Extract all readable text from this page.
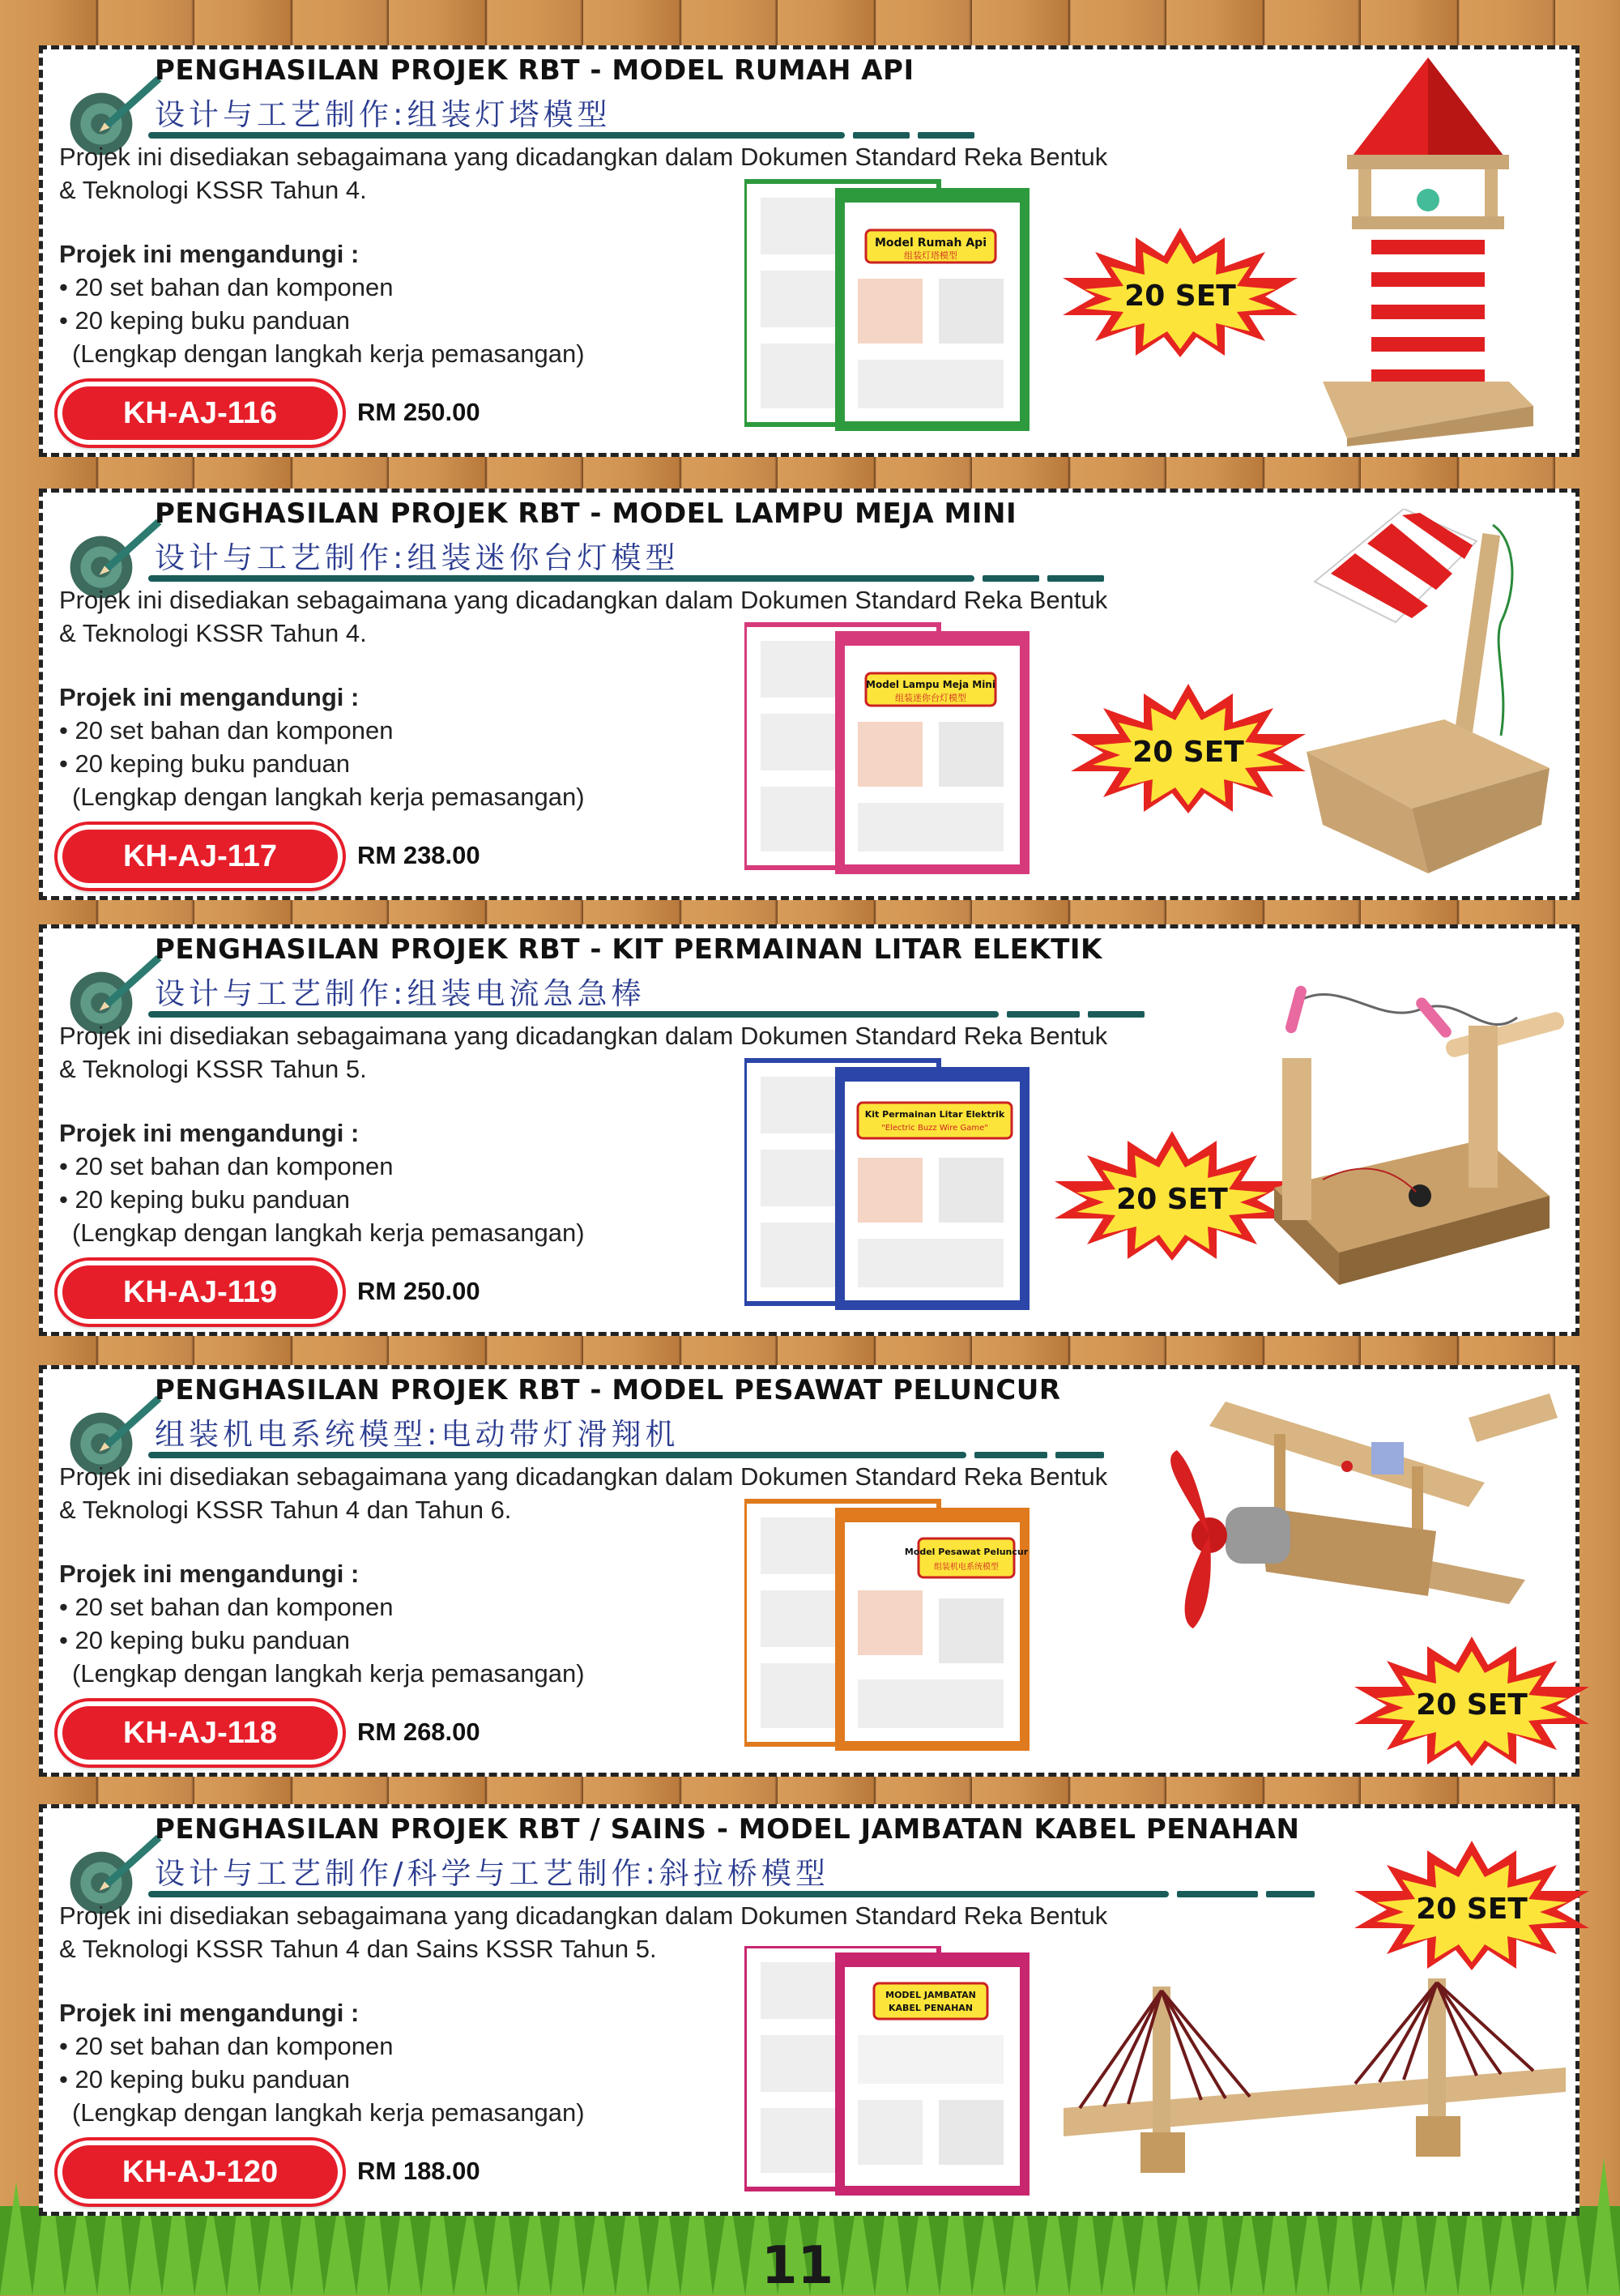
PENGHASILAN PROJEK RBT - MODEL RUMAH API
设计与工艺制作:组装灯塔模型
Projek ini disediakan sebagaimana yang dicadangkan dalam Dokumen Standard Reka Bentuk
& Teknologi KSSR Tahun 4.
Projek ini mengandungi :
• 20 set bahan dan komponen
• 20 keping buku panduan
(Lengkap dengan langkah kerja pemasangan)
KH-AJ-116	RM 250.00
Model Rumah Api
组装灯塔模型
20 SET
PENGHASILAN PROJEK RBT - MODEL LAMPU MEJA MINI
设计与工艺制作:组装迷你台灯模型
Projek ini disediakan sebagaimana yang dicadangkan dalam Dokumen Standard Reka Bentuk
& Teknologi KSSR Tahun 4.
Projek ini mengandungi :
• 20 set bahan dan komponen
• 20 keping buku panduan
(Lengkap dengan langkah kerja pemasangan)
KH-AJ-117	RM 238.00
Model Lampu Meja Mini
组装迷你台灯模型
20 SET
PENGHASILAN PROJEK RBT - KIT PERMAINAN LITAR ELEKTIK
设计与工艺制作:组装电流急急棒
Projek ini disediakan sebagaimana yang dicadangkan dalam Dokumen Standard Reka Bentuk
& Teknologi KSSR Tahun 5.
Projek ini mengandungi :
• 20 set bahan dan komponen
• 20 keping buku panduan
(Lengkap dengan langkah kerja pemasangan)
KH-AJ-119	RM 250.00
Kit Permainan Litar Elektrik
"Electric Buzz Wire Game"
20 SET
PENGHASILAN PROJEK RBT - MODEL PESAWAT PELUNCUR
组装机电系统模型:电动带灯滑翔机
Projek ini disediakan sebagaimana yang dicadangkan dalam Dokumen Standard Reka Bentuk
& Teknologi KSSR Tahun 4 dan Tahun 6.
Projek ini mengandungi :
• 20 set bahan dan komponen
• 20 keping buku panduan
(Lengkap dengan langkah kerja pemasangan)
KH-AJ-118	RM 268.00
Model Pesawat Peluncur
组装机电系统模型
20 SET
PENGHASILAN PROJEK RBT / SAINS - MODEL JAMBATAN KABEL PENAHAN
设计与工艺制作/科学与工艺制作:斜拉桥模型
Projek ini disediakan sebagaimana yang dicadangkan dalam Dokumen Standard Reka Bentuk
& Teknologi KSSR Tahun 4 dan Sains KSSR Tahun 5.
Projek ini mengandungi :
• 20 set bahan dan komponen
• 20 keping buku panduan
(Lengkap dengan langkah kerja pemasangan)
KH-AJ-120	RM 188.00
MODEL JAMBATAN
KABEL PENAHAN
20 SET
11
